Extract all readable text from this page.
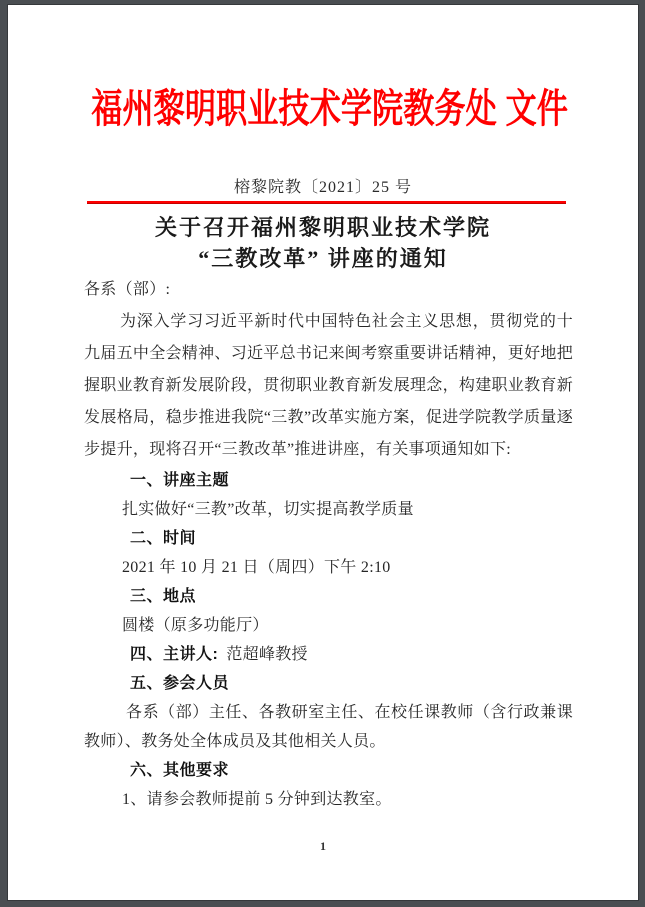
福州黎明职业技术学院教务处 文件
榕黎院教〔2021〕25 号
关于召开福州黎明职业技术学院
“三教改革” 讲座的通知
各系（部）:

为深入学习习近平新时代中国特色社会主义思想，贯彻党的十九届五中全会精神、习近平总书记来闽考察重要讲话精神，更好地把握职业教育新发展阶段，贯彻职业教育新发展理念，构建职业教育新发展格局，稳步推进我院“三教”改革实施方案，促进学院教学质量逐步提升，现将召开“三教改革”推进讲座，有关事项通知如下:

一、讲座主题

扎实做好“三教”改革，切实提高教学质量

二、时间

2021 年 10 月 21 日（周四）下午 2:10

三、地点

圆楼（原多功能厅）

四、主讲人: 范超峰教授
五、参会人员

各系（部）主任、各教研室主任、在校任课教师（含行政兼课教师）、教务处全体成员及其他相关人员。

六、其他要求

1、请参会教师提前 5 分钟到达教室。

1
